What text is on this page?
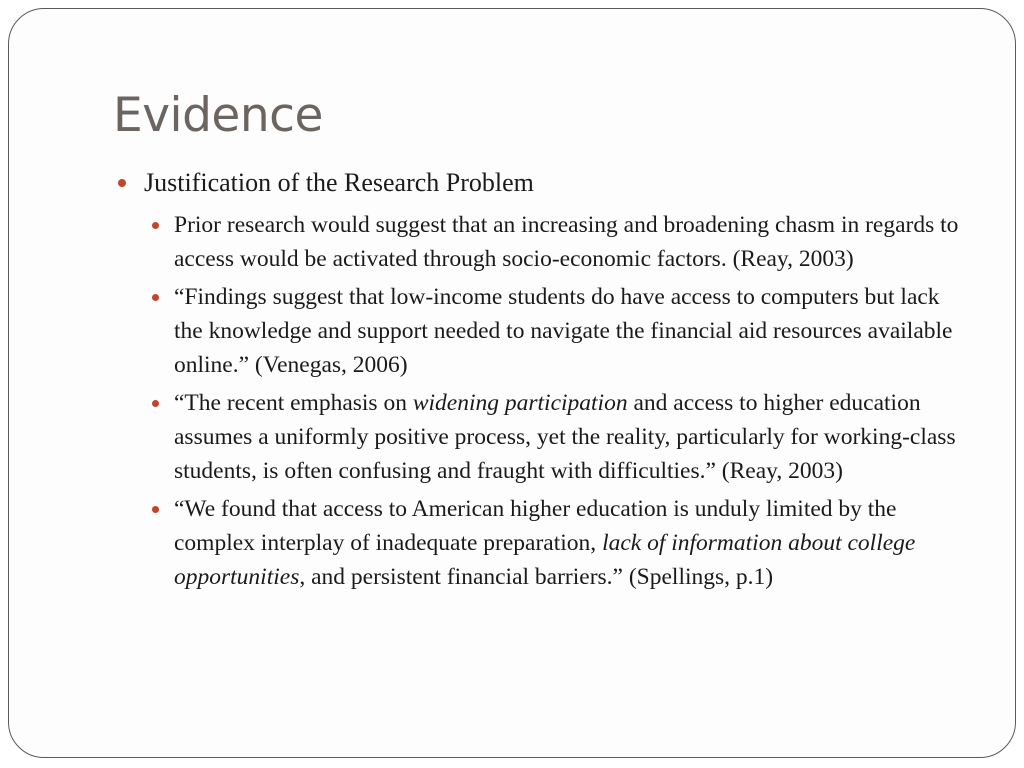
Evidence
Justification of the Research Problem
Prior research would suggest that an increasing and broadening chasm in regards to access would be activated through socio-economic factors. (Reay, 2003)
“Findings suggest that low-income students do have access to computers but lack the knowledge and support needed to navigate the financial aid resources available online.” (Venegas, 2006)
“The recent emphasis on widening participation and access to higher education assumes a uniformly positive process, yet the reality, particularly for working-class students, is often confusing and fraught with difficulties.” (Reay, 2003)
“We found that access to American higher education is unduly limited by the complex interplay of inadequate preparation, lack of information about college opportunities, and persistent financial barriers.” (Spellings, p.1)
